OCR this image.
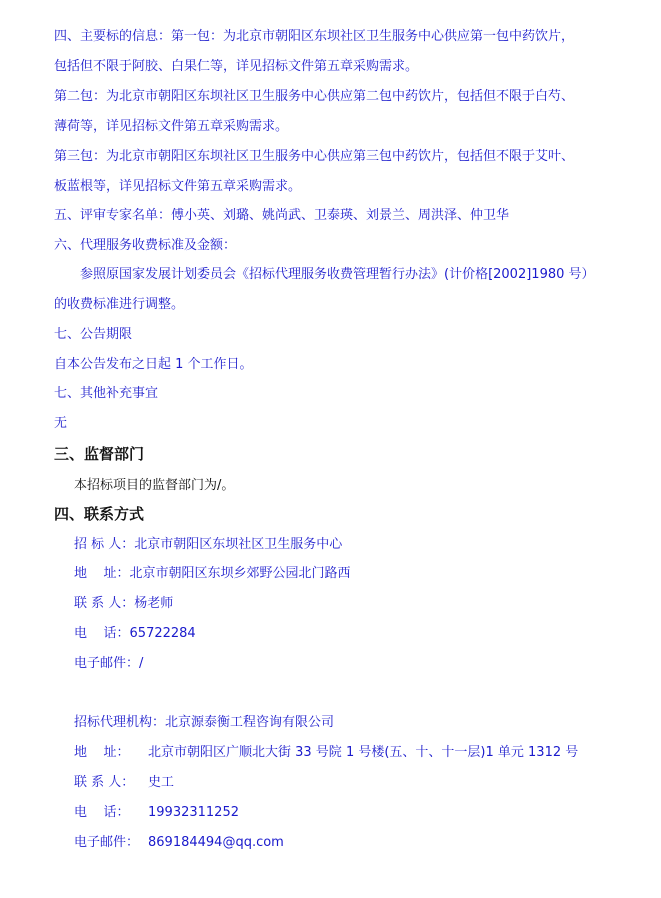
四、主要标的信息：第一包：为北京市朝阳区东坝社区卫生服务中心供应第一包中药饮片，
包括但不限于阿胶、白果仁等，详见招标文件第五章采购需求。
第二包：为北京市朝阳区东坝社区卫生服务中心供应第二包中药饮片，包括但不限于白芍、
薄荷等，详见招标文件第五章采购需求。
第三包：为北京市朝阳区东坝社区卫生服务中心供应第三包中药饮片，包括但不限于艾叶、
板蓝根等，详见招标文件第五章采购需求。
五、评审专家名单：傅小英、刘璐、姚尚武、卫泰瑛、刘景兰、周洪泽、仲卫华
六、代理服务收费标准及金额：
参照原国家发展计划委员会《招标代理服务收费管理暂行办法》(计价格[2002]1980 号）
的收费标准进行调整。
七、公告期限
自本公告发布之日起 1 个工作日。
七、其他补充事宜
无
三、监督部门
本招标项目的监督部门为/。
四、联系方式
招 标 人：北京市朝阳区东坝社区卫生服务中心
地    址：北京市朝阳区东坝乡郊野公园北门路西
联 系 人：杨老师
电    话：65722284
电子邮件：/
招标代理机构：北京源泰衡工程咨询有限公司
地    址： 北京市朝阳区广顺北大街 33 号院 1 号楼(五、十、十一层)1 单元 1312 号
联 系 人： 史工
电    话： 19932311252
电子邮件： 869184494@qq.com
